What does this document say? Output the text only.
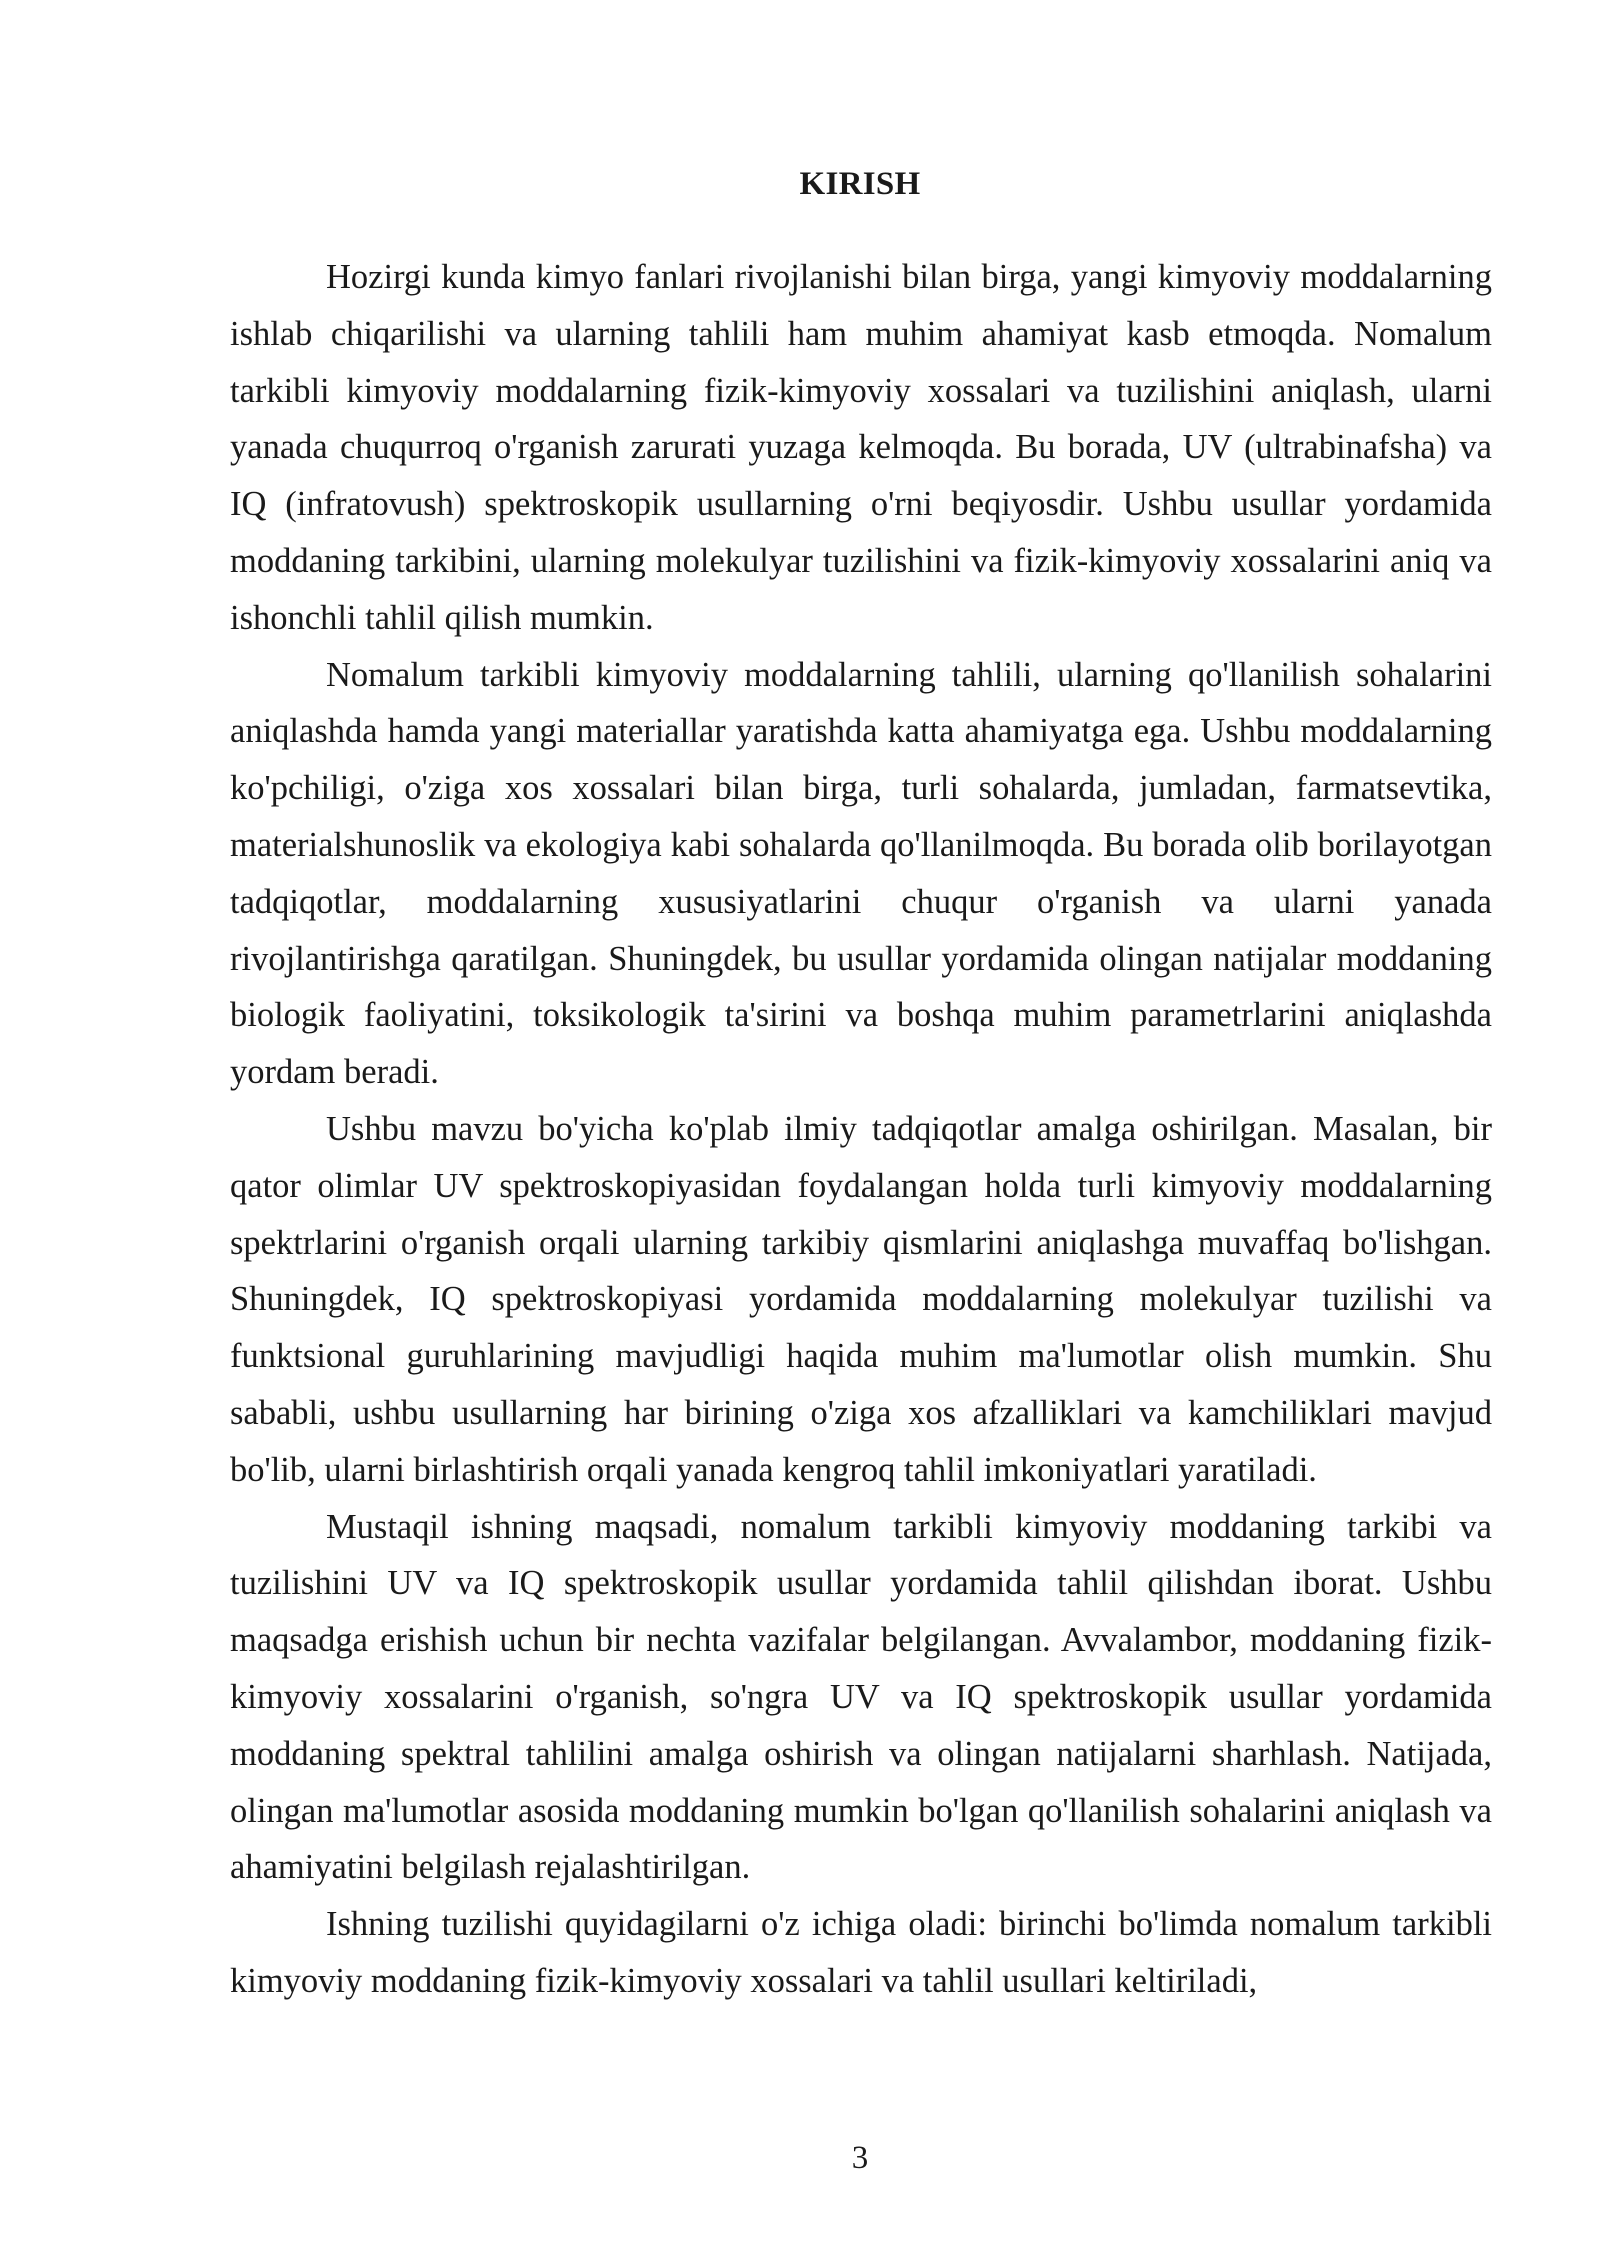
KIRISH

Hozirgi kunda kimyo fanlari rivojlanishi bilan birga, yangi kimyoviy moddalarning ishlab chiqarilishi va ularning tahlili ham muhim ahamiyat kasb etmoqda. Nomalum tarkibli kimyoviy moddalarning fizik-kimyoviy xossalari va tuzilishini aniqlash, ularni yanada chuqurroq o'rganish zarurati yuzaga kelmoqda. Bu borada, UV (ultrabinafsha) va IQ (infratovush) spektroskopik usullarning o'rni beqiyosdir. Ushbu usullar yordamida moddaning tarkibini, ularning molekulyar tuzilishini va fizik-kimyoviy xossalarini aniq va ishonchli tahlil qilish mumkin.

Nomalum tarkibli kimyoviy moddalarning tahlili, ularning qo'llanilish sohalarini aniqlashda hamda yangi materiallar yaratishda katta ahamiyatga ega. Ushbu moddalarning ko'pchiligi, o'ziga xos xossalari bilan birga, turli sohalarda, jumladan, farmatsevtika, materialshunoslik va ekologiya kabi sohalarda qo'llanilmoqda. Bu borada olib borilayotgan tadqiqotlar, moddalarning xususiyatlarini chuqur o'rganish va ularni yanada rivojlantirishga qaratilgan. Shuningdek, bu usullar yordamida olingan natijalar moddaning biologik faoliyatini, toksikologik ta'sirini va boshqa muhim parametrlarini aniqlashda yordam beradi.

Ushbu mavzu bo'yicha ko'plab ilmiy tadqiqotlar amalga oshirilgan. Masalan, bir qator olimlar UV spektroskopiyasidan foydalangan holda turli kimyoviy moddalarning spektrlarini o'rganish orqali ularning tarkibiy qismlarini aniqlashga muvaffaq bo'lishgan. Shuningdek, IQ spektroskopiyasi yordamida moddalarning molekulyar tuzilishi va funktsional guruhlarining mavjudligi haqida muhim ma'lumotlar olish mumkin. Shu sababli, ushbu usullarning har birining o'ziga xos afzalliklari va kamchiliklari mavjud bo'lib, ularni birlashtirish orqali yanada kengroq tahlil imkoniyatlari yaratiladi.

Mustaqil ishning maqsadi, nomalum tarkibli kimyoviy moddaning tarkibi va tuzilishini UV va IQ spektroskopik usullar yordamida tahlil qilishdan iborat. Ushbu maqsadga erishish uchun bir nechta vazifalar belgilangan. Avvalambor, moddaning fizik-kimyoviy xossalarini o'rganish, so'ngra UV va IQ spektroskopik usullar yordamida moddaning spektral tahlilini amalga oshirish va olingan natijalarni sharhlash. Natijada, olingan ma'lumotlar asosida moddaning mumkin bo'lgan qo'llanilish sohalarini aniqlash va ahamiyatini belgilash rejalashtirilgan.

Ishning tuzilishi quyidagilarni o'z ichiga oladi: birinchi bo'limda nomalum tarkibli kimyoviy moddaning fizik-kimyoviy xossalari va tahlil usullari keltiriladi,

3
